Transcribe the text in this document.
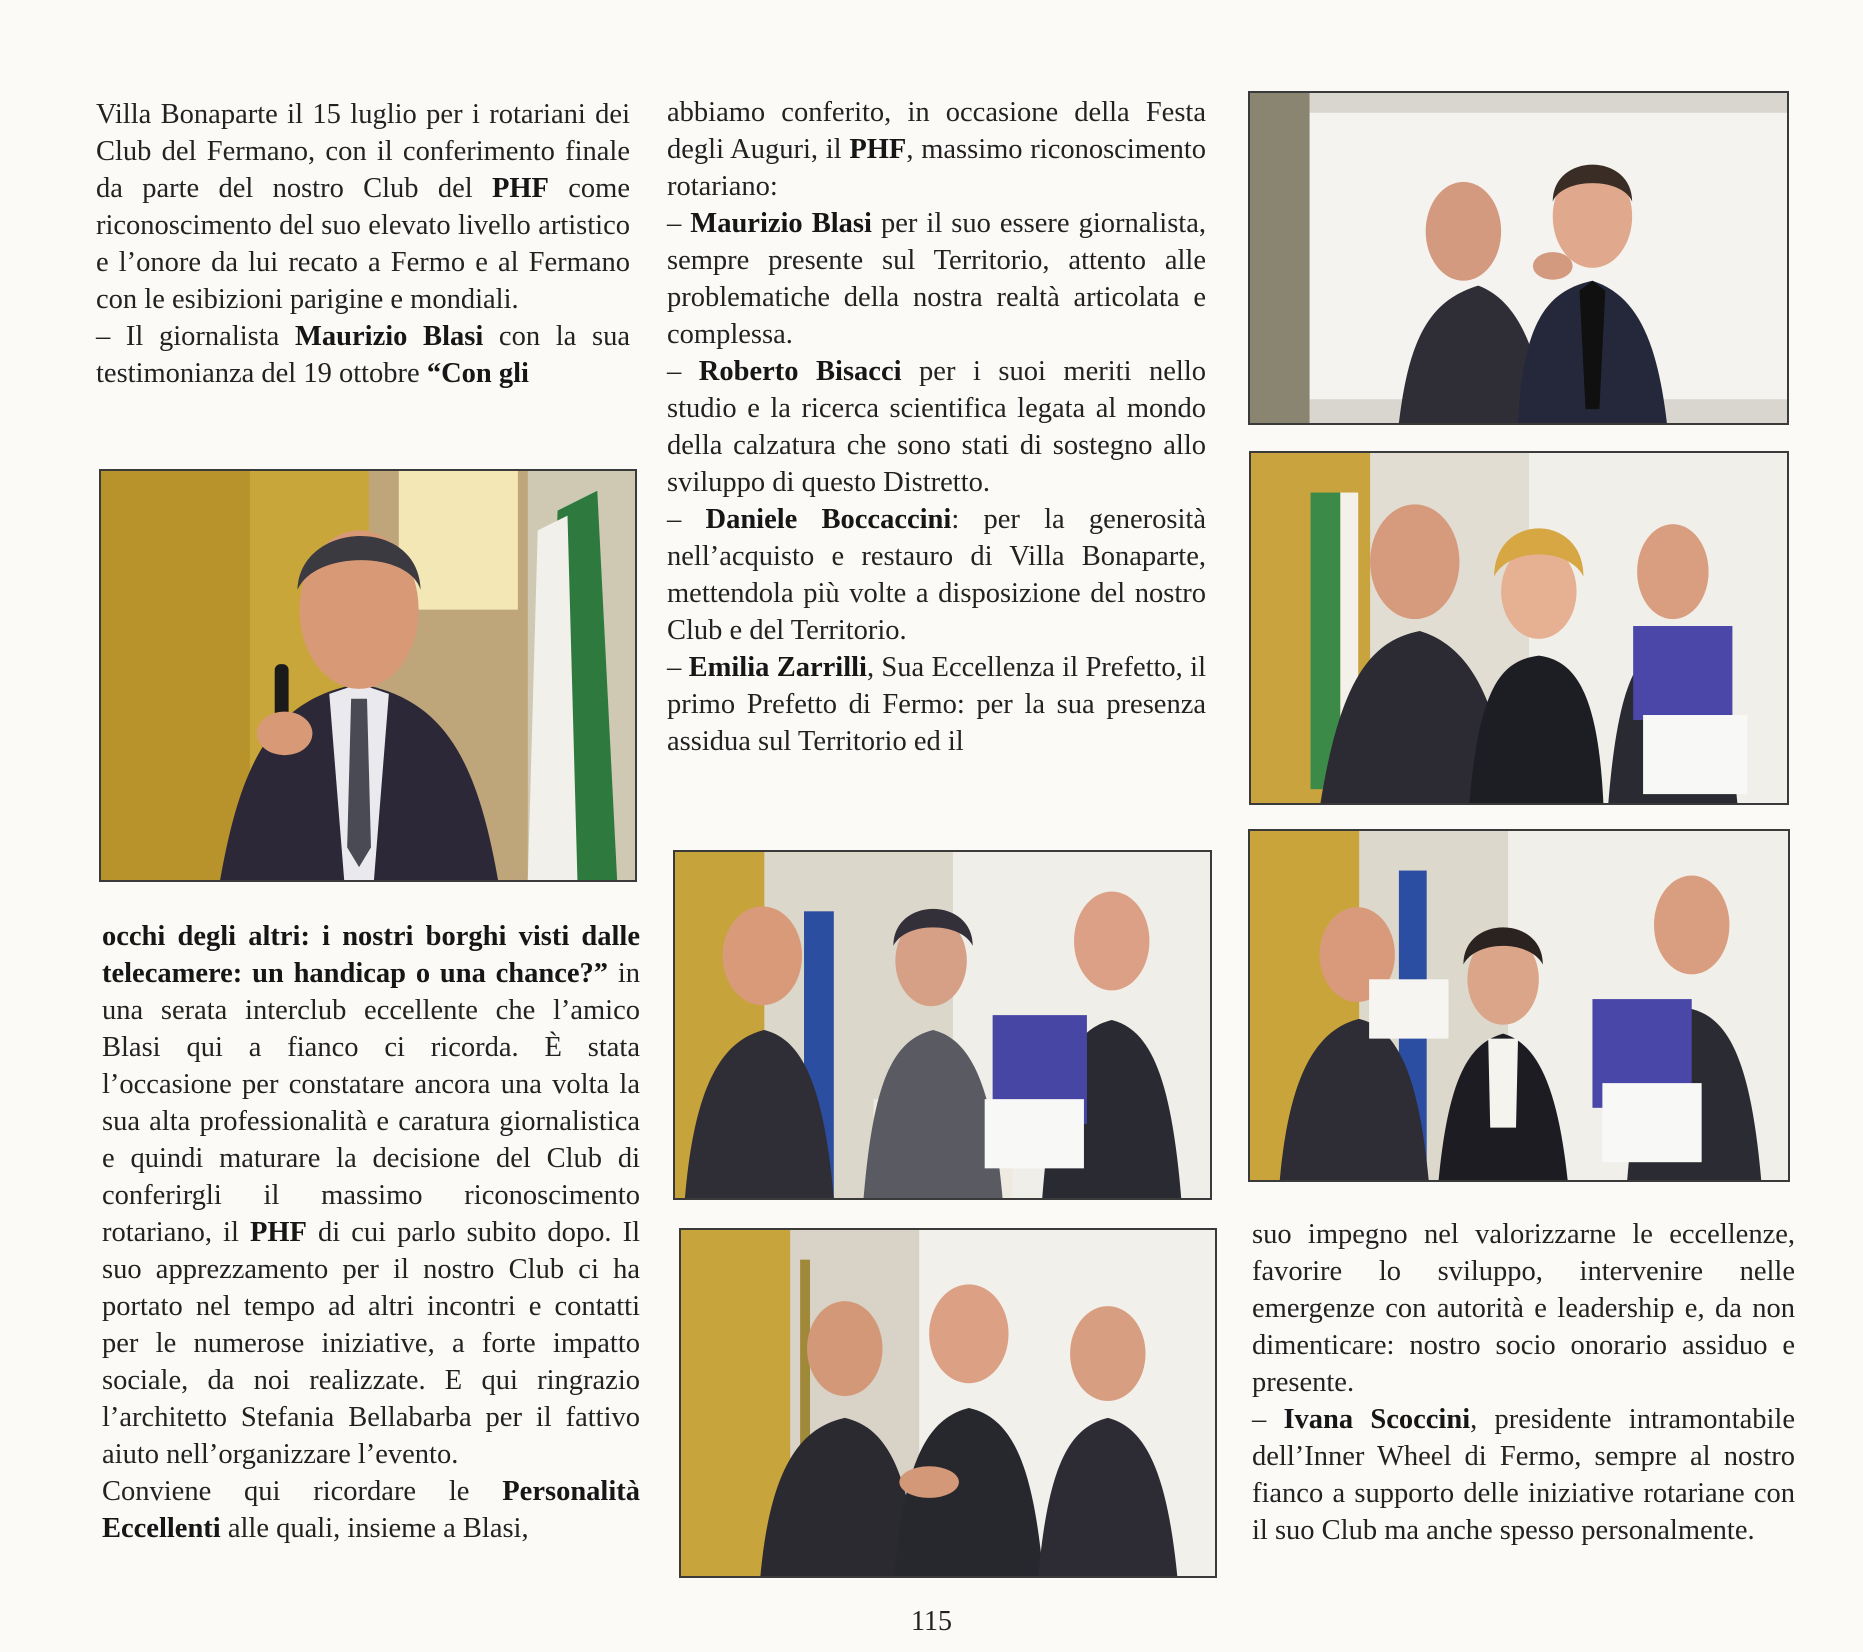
Villa Bonaparte il 15 luglio per i rotariani dei Club del Fermano, con il conferimento finale da parte del nostro Club del PHF come riconoscimento del suo elevato livello artistico e l’onore da lui recato a Fermo e al Fermano con le esibizioni parigine e mondiali.

– Il giornalista Maurizio Blasi con la sua testimonianza del 19 ottobre “Con gli

occhi degli altri: i nostri borghi visti dalle telecamere: un handicap o una chance?” in una serata interclub eccellente che l’amico Blasi qui a fianco ci ricorda. È stata l’occasione per constatare ancora una volta la sua alta professionalità e caratura giornalistica e quindi maturare la decisione del Club di conferirgli il massimo riconoscimento rotariano, il PHF di cui parlo subito dopo. Il suo apprezzamento per il nostro Club ci ha portato nel tempo ad altri incontri e contatti per le numerose iniziative, a forte impatto sociale, da noi realizzate. E qui ringrazio l’architetto Stefania Bellabarba per il fattivo aiuto nell’organizzare l’evento.

Conviene qui ricordare le Personalità Eccellenti alle quali, insieme a Blasi,

abbiamo conferito, in occasione della Festa degli Auguri, il PHF, massimo riconoscimento rotariano:

– Maurizio Blasi per il suo essere giornalista, sempre presente sul Territorio, attento alle problematiche della nostra realtà articolata e complessa.

– Roberto Bisacci per i suoi meriti nello studio e la ricerca scientifica legata al mondo della calzatura che sono stati di sostegno allo sviluppo di questo Distretto.

– Daniele Boccaccini: per la generosità nell’acquisto e restauro di Villa Bonaparte, mettendola più volte a disposizione del nostro Club e del Territorio.

– Emilia Zarrilli, Sua Eccellenza il Prefetto, il primo Prefetto di Fermo: per la sua presenza assidua sul Territorio ed il

suo impegno nel valorizzarne le eccellenze, favorire lo sviluppo, intervenire nelle emergenze con autorità e leadership e, da non dimenticare: nostro socio onorario assiduo e presente.

– Ivana Scoccini, presidente intramontabile dell’Inner Wheel di Fermo, sempre al nostro fianco a supporto delle iniziative rotariane con il suo Club ma anche spesso personalmente.

115
